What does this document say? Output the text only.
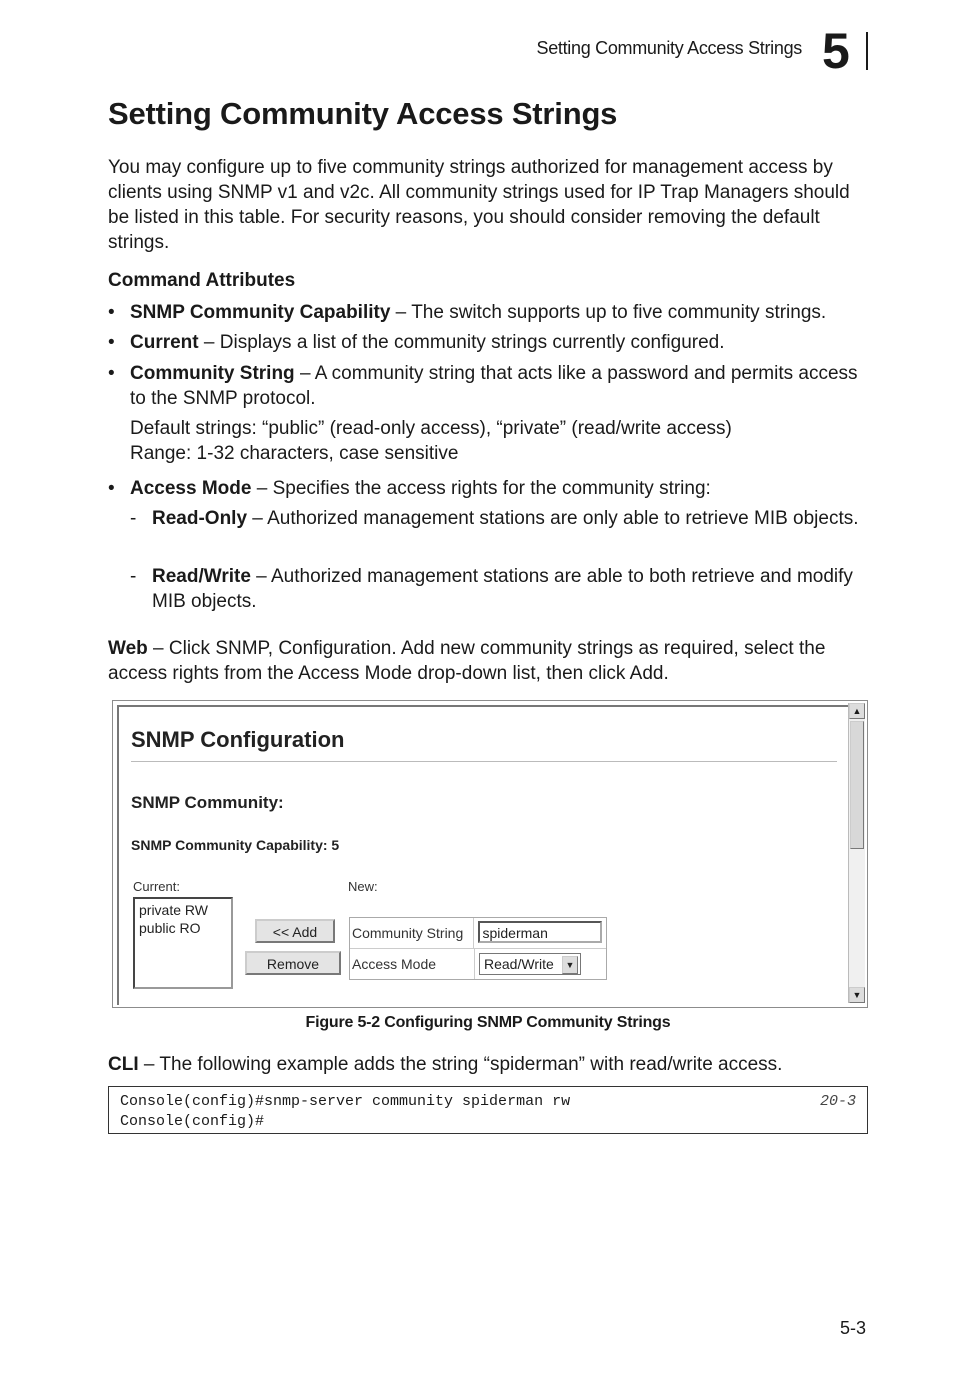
Setting Community Access Strings 5
Setting Community Access Strings

You may configure up to five community strings authorized for management access by clients using SNMP v1 and v2c. All community strings used for IP Trap Managers should be listed in this table. For security reasons, you should consider removing the default strings.

Command Attributes
• SNMP Community Capability – The switch supports up to five community strings.
• Current – Displays a list of the community strings currently configured.
• Community String – A community string that acts like a password and permits access to the SNMP protocol.
Default strings: “public” (read-only access), “private” (read/write access)
Range: 1-32 characters, case sensitive
• Access Mode – Specifies the access rights for the community string:
- Read-Only – Authorized management stations are only able to retrieve MIB objects.
- Read/Write – Authorized management stations are able to both retrieve and modify MIB objects.

Web – Click SNMP, Configuration. Add new community strings as required, select the access rights from the Access Mode drop-down list, then click Add.

SNMP Configuration
SNMP Community:
SNMP Community Capability: 5
Current:	New:
private RW
public RO	<< Add
Remove
Community String	spiderman
Access Mode	Read/Write	▼
▲
▼
Figure 5-2 Configuring SNMP Community Strings

CLI – The following example adds the string “spiderman” with read/write access.

Console(config)#snmp-server community spiderman rw	20-3
Console(config)#
5-3
